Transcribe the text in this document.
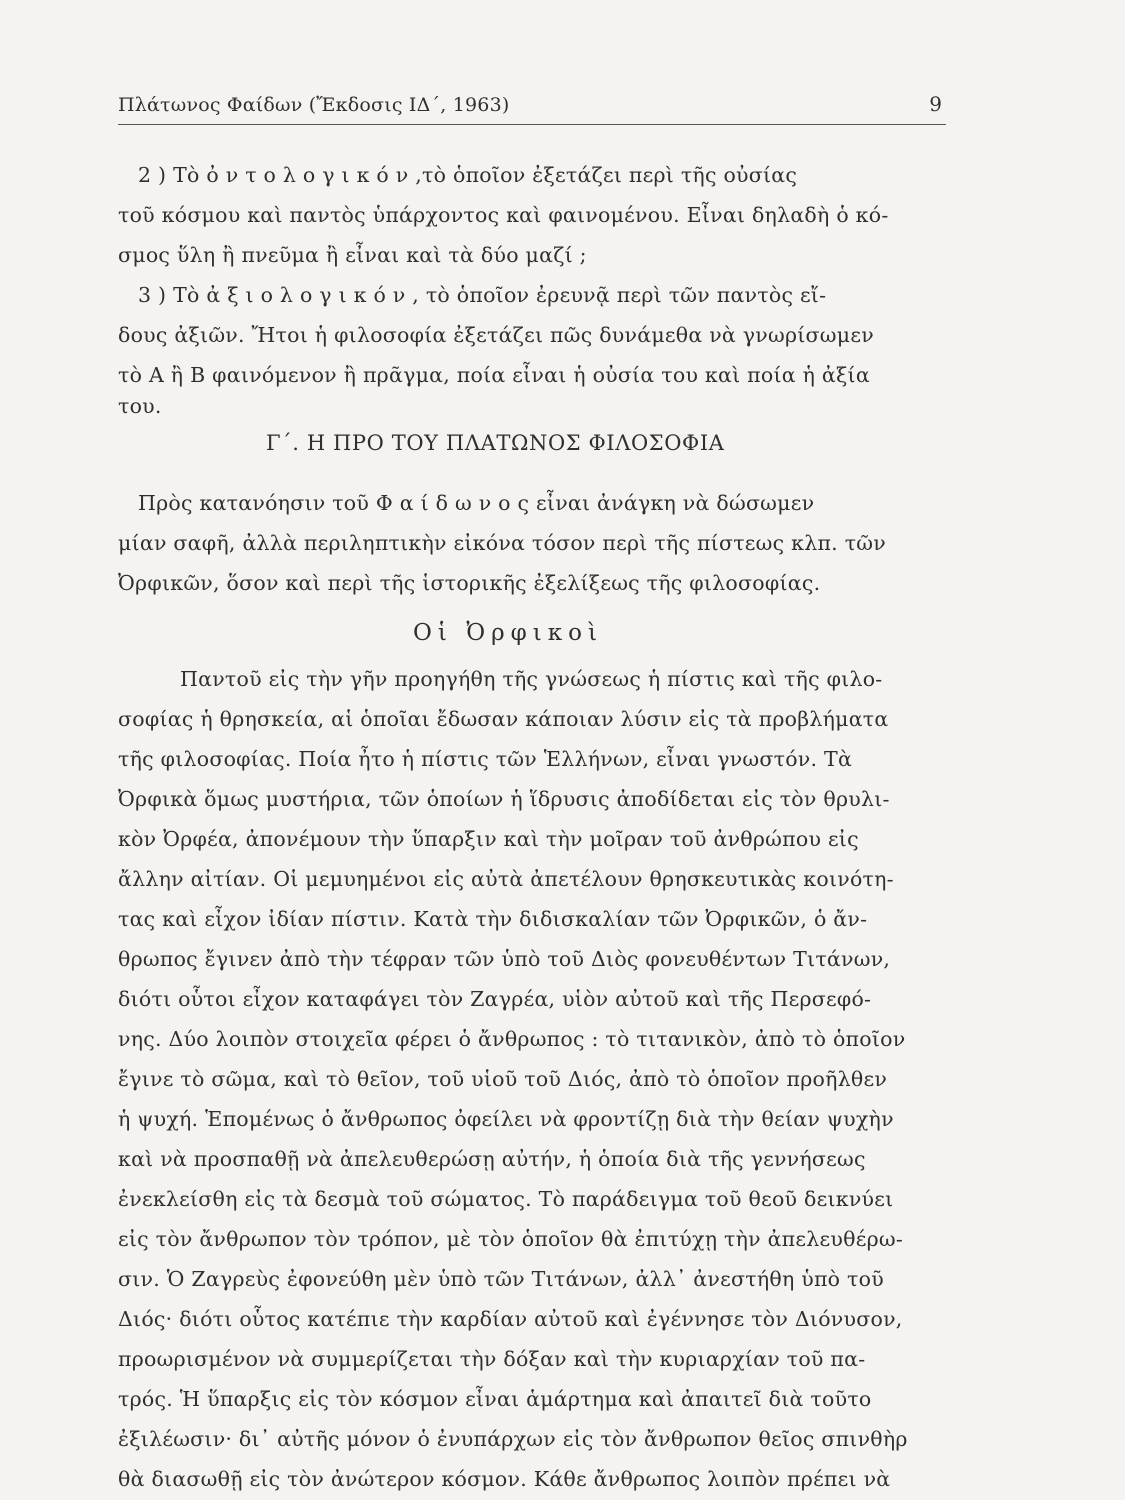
Πλάτωνος Φαίδων (Ἔκδοσις ΙΔ΄, 1963)	9
2 ) Τὸ ὀ ν τ ο λ ο γ ι κ ό ν ,τὸ ὁποῖον ἐξετάζει περὶ τῆς οὐσίας
τοῦ κόσμου καὶ παντὸς ὑπάρχοντος καὶ φαινομένου. Εἶναι δηλαδὴ ὁ κό-
σμος ὕλη ἢ πνεῦμα ἢ εἶναι καὶ τὰ δύο μαζί ;
3 ) Τὸ ἀ ξ ι ο λ ο γ ι κ ό ν , τὸ ὁποῖον ἐρευνᾷ περὶ τῶν παντὸς εἴ-
δους ἀξιῶν. Ἤτοι ἡ φιλοσοφία ἐξετάζει πῶς δυνάμεθα νὰ γνωρίσωμεν
τὸ Α ἢ Β φαινόμενον ἢ πρᾶγμα, ποία εἶναι ἡ οὐσία του καὶ ποία ἡ ἀξία
του.
Γ΄. Η ΠΡΟ ΤΟΥ ΠΛΑΤΩΝΟΣ ΦΙΛΟΣΟΦΙΑ
Πρὸς κατανόησιν τοῦ Φ α ί δ ω ν ο ς εἶναι ἀνάγκη νὰ δώσωμεν
μίαν σαφῆ, ἀλλὰ περιληπτικὴν εἰκόνα τόσον περὶ τῆς πίστεως κλπ. τῶν
Ὀρφικῶν, ὅσον καὶ περὶ τῆς ἱστορικῆς ἐξελίξεως τῆς φιλοσοφίας.
Οἱ Ὀρφικοὶ
Παντοῦ εἰς τὴν γῆν προηγήθη τῆς γνώσεως ἡ πίστις καὶ τῆς φιλο-
σοφίας ἡ θρησκεία, αἱ ὁποῖαι ἔδωσαν κάποιαν λύσιν εἰς τὰ προβλήματα
τῆς φιλοσοφίας. Ποία ἦτο ἡ πίστις τῶν Ἑλλήνων, εἶναι γνωστόν. Τὰ
Ὀρφικὰ ὅμως μυστήρια, τῶν ὁποίων ἡ ἵδρυσις ἀποδίδεται εἰς τὸν θρυλι-
κὸν Ὀρφέα, ἀπονέμουν τὴν ὕπαρξιν καὶ τὴν μοῖραν τοῦ ἀνθρώπου εἰς
ἄλλην αἰτίαν. Οἱ μεμυημένοι εἰς αὐτὰ ἀπετέλουν θρησκευτικὰς κοινότη-
τας καὶ εἶχον ἰδίαν πίστιν. Κατὰ τὴν διδισκαλίαν τῶν Ὀρφικῶν, ὁ ἄν-
θρωπος ἔγινεν ἀπὸ τὴν τέφραν τῶν ὑπὸ τοῦ Διὸς φονευθέντων Τιτάνων,
διότι οὗτοι εἶχον καταφάγει τὸν Ζαγρέα, υἱὸν αὐτοῦ καὶ τῆς Περσεφό-
νης. Δύο λοιπὸν στοιχεῖα φέρει ὁ ἄνθρωπος : τὸ τιτανικὸν, ἀπὸ τὸ ὁποῖον
ἔγινε τὸ σῶμα, καὶ τὸ θεῖον, τοῦ υἱοῦ τοῦ Διός, ἀπὸ τὸ ὁποῖον προῆλθεν
ἡ ψυχή. Ἑπομένως ὁ ἄνθρωπος ὀφείλει νὰ φροντίζῃ διὰ τὴν θείαν ψυχὴν
καὶ νὰ προσπαθῇ νὰ ἀπελευθερώσῃ αὐτήν, ἡ ὁποία διὰ τῆς γεννήσεως
ἐνεκλείσθη εἰς τὰ δεσμὰ τοῦ σώματος. Τὸ παράδειγμα τοῦ θεοῦ δεικνύει
εἰς τὸν ἄνθρωπον τὸν τρόπον, μὲ τὸν ὁποῖον θὰ ἐπιτύχῃ τὴν ἀπελευθέρω-
σιν. Ὁ Ζαγρεὺς ἐφονεύθη μὲν ὑπὸ τῶν Τιτάνων, ἀλλ᾿ ἀνεστήθη ὑπὸ τοῦ
Διός· διότι οὗτος κατέπιε τὴν καρδίαν αὐτοῦ καὶ ἐγέννησε τὸν Διόνυσον,
προωρισμένον νὰ συμμερίζεται τὴν δόξαν καὶ τὴν κυριαρχίαν τοῦ πα-
τρός. Ἡ ὕπαρξις εἰς τὸν κόσμον εἶναι ἁμάρτημα καὶ ἀπαιτεῖ διὰ τοῦτο
ἐξιλέωσιν· δι᾿ αὐτῆς μόνον ὁ ἐνυπάρχων εἰς τὸν ἄνθρωπον θεῖος σπινθὴρ
θὰ διασωθῇ εἰς τὸν ἀνώτερον κόσμον. Κάθε ἄνθρωπος λοιπὸν πρέπει νὰ
